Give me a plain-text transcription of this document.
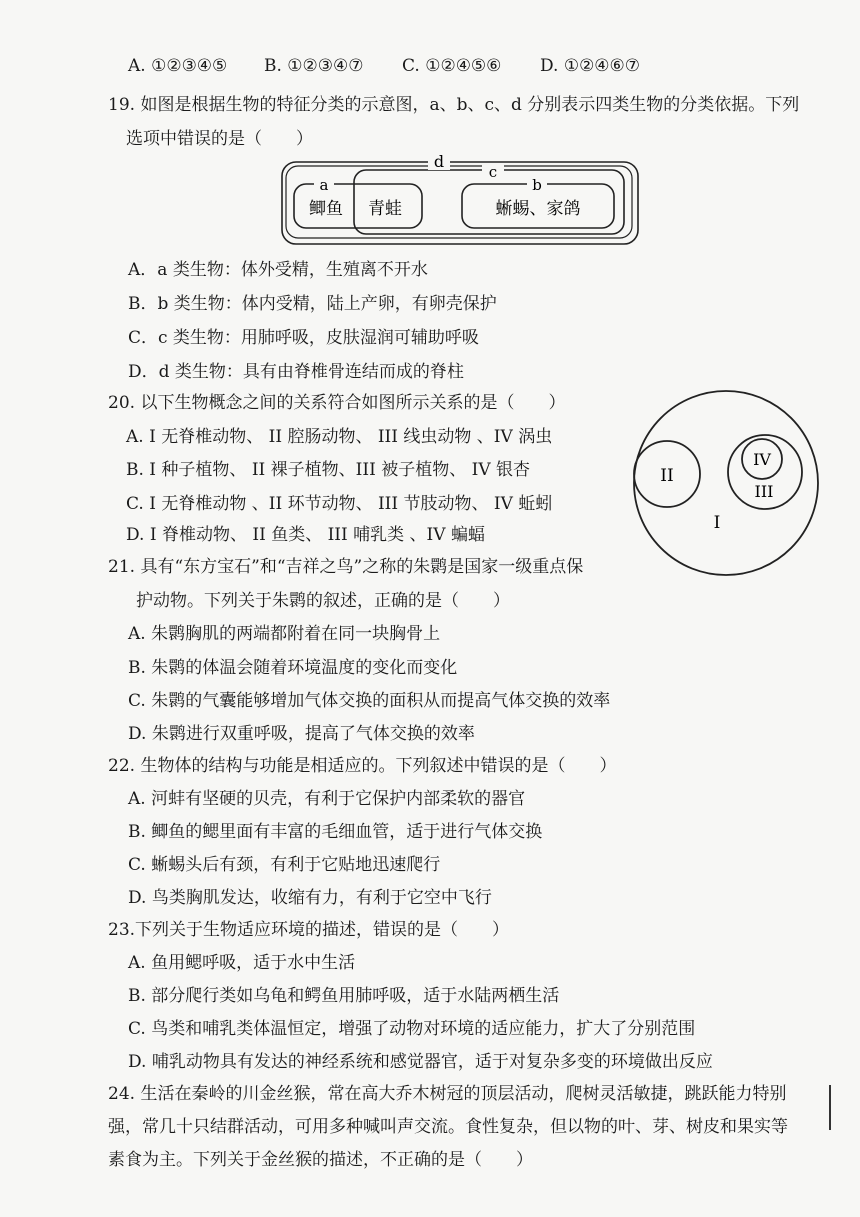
A. ①②③④⑤ B. ①②③④⑦ C. ①②④⑤⑥ D. ①②④⑥⑦
19. 如图是根据生物的特征分类的示意图，a、b、c、d 分别表示四类生物的分类依据。下列
选项中错误的是（　　）
d
c
a	b
鲫鱼 青蛙	蜥蜴、家鸽
A．a 类生物：体外受精，生殖离不开水
B．b 类生物：体内受精，陆上产卵，有卵壳保护
C．c 类生物：用肺呼吸，皮肤湿润可辅助呼吸
D．d 类生物：具有由脊椎骨连结而成的脊柱
20. 以下生物概念之间的关系符合如图所示关系的是（　　）
A. I 无脊椎动物、 II 腔肠动物、 III 线虫动物 、IV 涡虫
B. I 种子植物、 II 裸子植物、III 被子植物、 IV 银杏
C. I 无脊椎动物 、II 环节动物、 III 节肢动物、 IV 蚯蚓
D. I 脊椎动物、 II 鱼类、 III 哺乳类 、IV 蝙蝠
II
IV
III
I
21. 具有“东方宝石”和“吉祥之鸟”之称的朱鹮是国家一级重点保
护动物。下列关于朱鹮的叙述，正确的是（　　）
A. 朱鹮胸肌的两端都附着在同一块胸骨上
B. 朱鹮的体温会随着环境温度的变化而变化
C. 朱鹮的气囊能够增加气体交换的面积从而提高气体交换的效率
D. 朱鹮进行双重呼吸，提高了气体交换的效率
22. 生物体的结构与功能是相适应的。下列叙述中错误的是（　　）
A. 河蚌有坚硬的贝壳，有利于它保护内部柔软的器官
B. 鲫鱼的鳃里面有丰富的毛细血管，适于进行气体交换
C. 蜥蜴头后有颈，有利于它贴地迅速爬行
D. 鸟类胸肌发达，收缩有力，有利于它空中飞行
23.下列关于生物适应环境的描述，错误的是（　　）
A. 鱼用鳃呼吸，适于水中生活
B. 部分爬行类如乌龟和鳄鱼用肺呼吸，适于水陆两栖生活
C. 鸟类和哺乳类体温恒定，增强了动物对环境的适应能力，扩大了分别范围
D. 哺乳动物具有发达的神经系统和感觉器官，适于对复杂多变的环境做出反应
24. 生活在秦岭的川金丝猴，常在高大乔木树冠的顶层活动，爬树灵活敏捷，跳跃能力特别
强，常几十只结群活动，可用多种喊叫声交流。食性复杂，但以物的叶、芽、树皮和果实等
素食为主。下列关于金丝猴的描述，不正确的是（　　）
